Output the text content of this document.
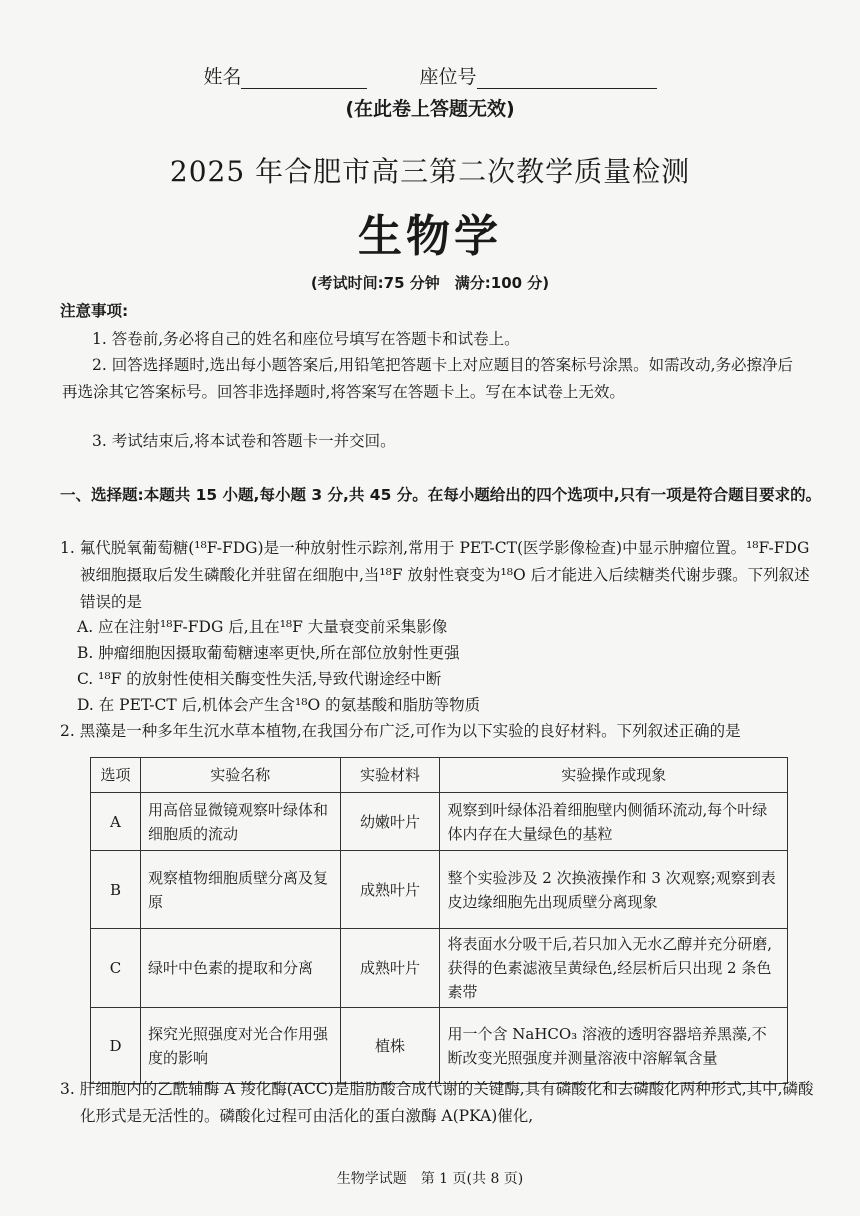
姓名	座位号
(在此卷上答题无效)
2025 年合肥市高三第二次教学质量检测
生物学
(考试时间:75 分钟　满分:100 分)
注意事项:
1. 答卷前,务必将自己的姓名和座位号填写在答题卡和试卷上。
2. 回答选择题时,选出每小题答案后,用铅笔把答题卡上对应题目的答案标号涂黑。如需改动,务必擦净后再选涂其它答案标号。回答非选择题时,将答案写在答题卡上。写在本试卷上无效。
3. 考试结束后,将本试卷和答题卡一并交回。
一、选择题:本题共 15 小题,每小题 3 分,共 45 分。在每小题给出的四个选项中,只有一项是符合题目要求的。
1. 氟代脱氧葡萄糖(¹⁸F-FDG)是一种放射性示踪剂,常用于 PET-CT(医学影像检查)中显示肿瘤位置。¹⁸F-FDG 被细胞摄取后发生磷酸化并驻留在细胞中,当¹⁸F 放射性衰变为¹⁸O 后才能进入后续糖类代谢步骤。下列叙述错误的是
A. 应在注射¹⁸F-FDG 后,且在¹⁸F 大量衰变前采集影像
B. 肿瘤细胞因摄取葡萄糖速率更快,所在部位放射性更强
C. ¹⁸F 的放射性使相关酶变性失活,导致代谢途经中断
D. 在 PET-CT 后,机体会产生含¹⁸O 的氨基酸和脂肪等物质
2. 黑藻是一种多年生沉水草本植物,在我国分布广泛,可作为以下实验的良好材料。下列叙述正确的是
选项	实验名称	实验材料	实验操作或现象
A	用高倍显微镜观察叶绿体和细胞质的流动	幼嫩叶片	观察到叶绿体沿着细胞壁内侧循环流动,每个叶绿体内存在大量绿色的基粒
B	观察植物细胞质壁分离及复原	成熟叶片	整个实验涉及 2 次换液操作和 3 次观察;观察到表皮边缘细胞先出现质壁分离现象
C	绿叶中色素的提取和分离	成熟叶片	将表面水分吸干后,若只加入无水乙醇并充分研磨,获得的色素滤液呈黄绿色,经层析后只出现 2 条色素带
D	探究光照强度对光合作用强度的影响	植株	用一个含 NaHCO₃ 溶液的透明容器培养黑藻,不断改变光照强度并测量溶液中溶解氧含量
3. 肝细胞内的乙酰辅酶 A 羧化酶(ACC)是脂肪酸合成代谢的关键酶,具有磷酸化和去磷酸化两种形式,其中,磷酸化形式是无活性的。磷酸化过程可由活化的蛋白激酶 A(PKA)催化,
生物学试题　第 1 页(共 8 页)
